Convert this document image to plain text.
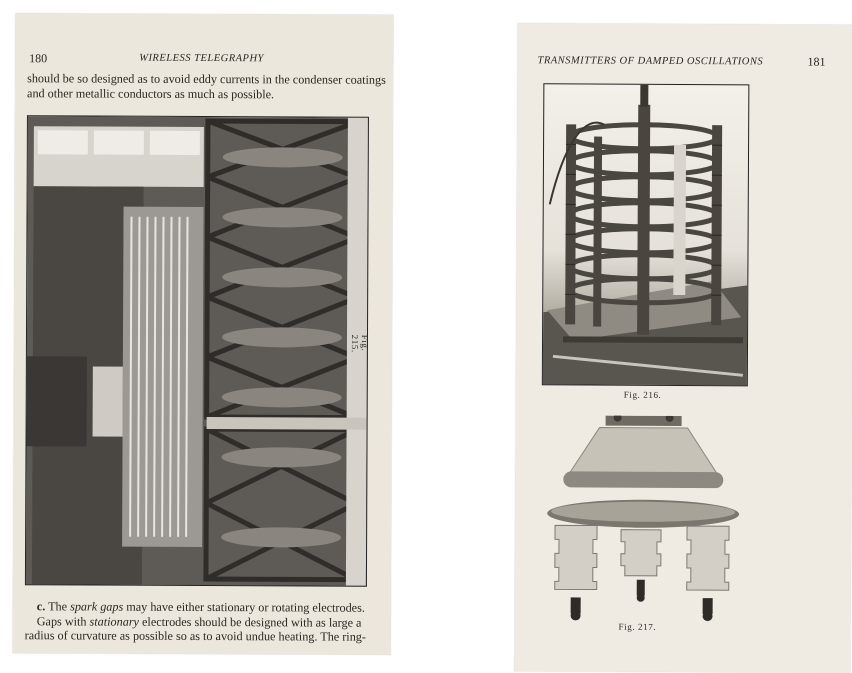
180	WIRELESS TELEGRAPHY

should be so designed as to avoid eddy currents in the condenser coatings

and other metallic conductors as much as possible.

Fig. 215.

c. The spark gaps may have either stationary or rotating electrodes.

Gaps with stationary electrodes should be designed with as large a

radius of curvature as possible so as to avoid undue heating. The ring-

TRANSMITTERS OF DAMPED OSCILLATIONS	181
Fig. 216.
Fig. 217.
